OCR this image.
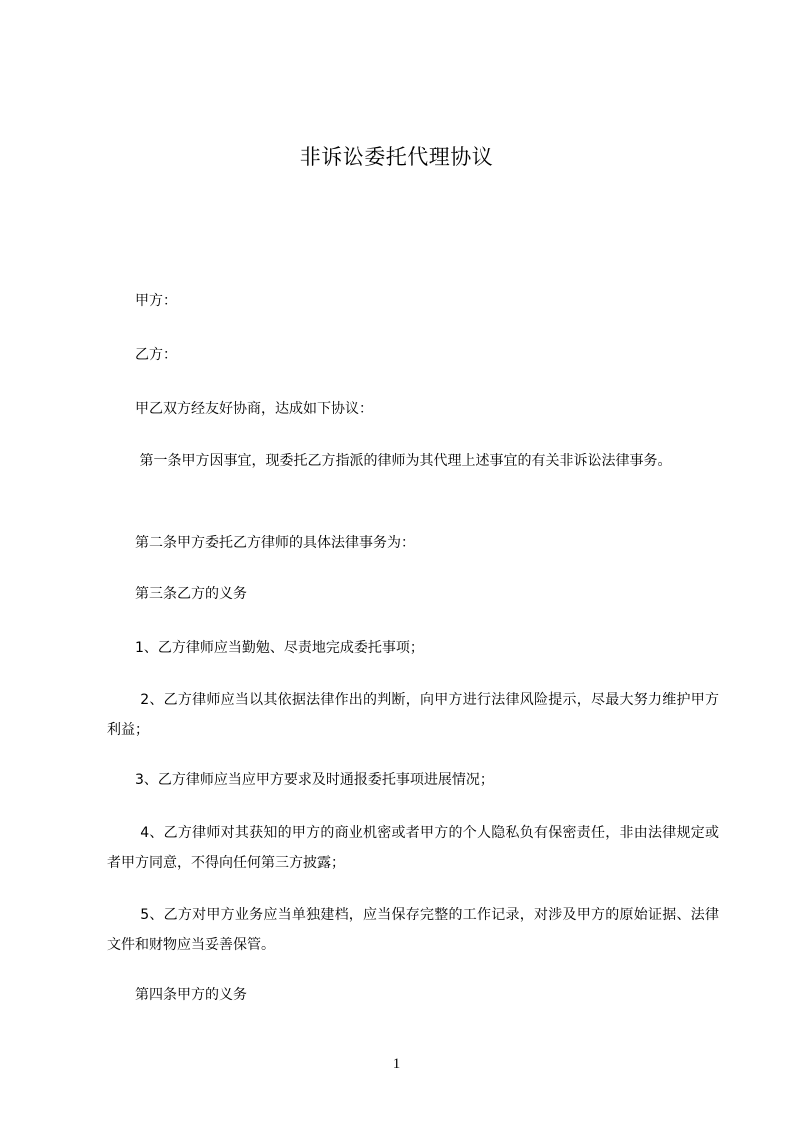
非诉讼委托代理协议

　　甲方：

　　乙方：

　　甲乙双方经友好协商，达成如下协议：

　　 第一条甲方因事宜，现委托乙方指派的律师为其代理上述事宜的有关非诉讼法律事务。

　　第二条甲方委托乙方律师的具体法律事务为：

　　第三条乙方的义务

　　1、乙方律师应当勤勉、尽责地完成委托事项；

　　 2、乙方律师应当以其依据法律作出的判断，向甲方进行法律风险提示，尽最大努力维护甲方利益；

　　3、乙方律师应当应甲方要求及时通报委托事项进展情况；

　　 4、乙方律师对其获知的甲方的商业机密或者甲方的个人隐私负有保密责任，非由法律规定或者甲方同意，不得向任何第三方披露；

　　 5、乙方对甲方业务应当单独建档，应当保存完整的工作记录，对涉及甲方的原始证据、法律文件和财物应当妥善保管。

　　第四条甲方的义务

1
